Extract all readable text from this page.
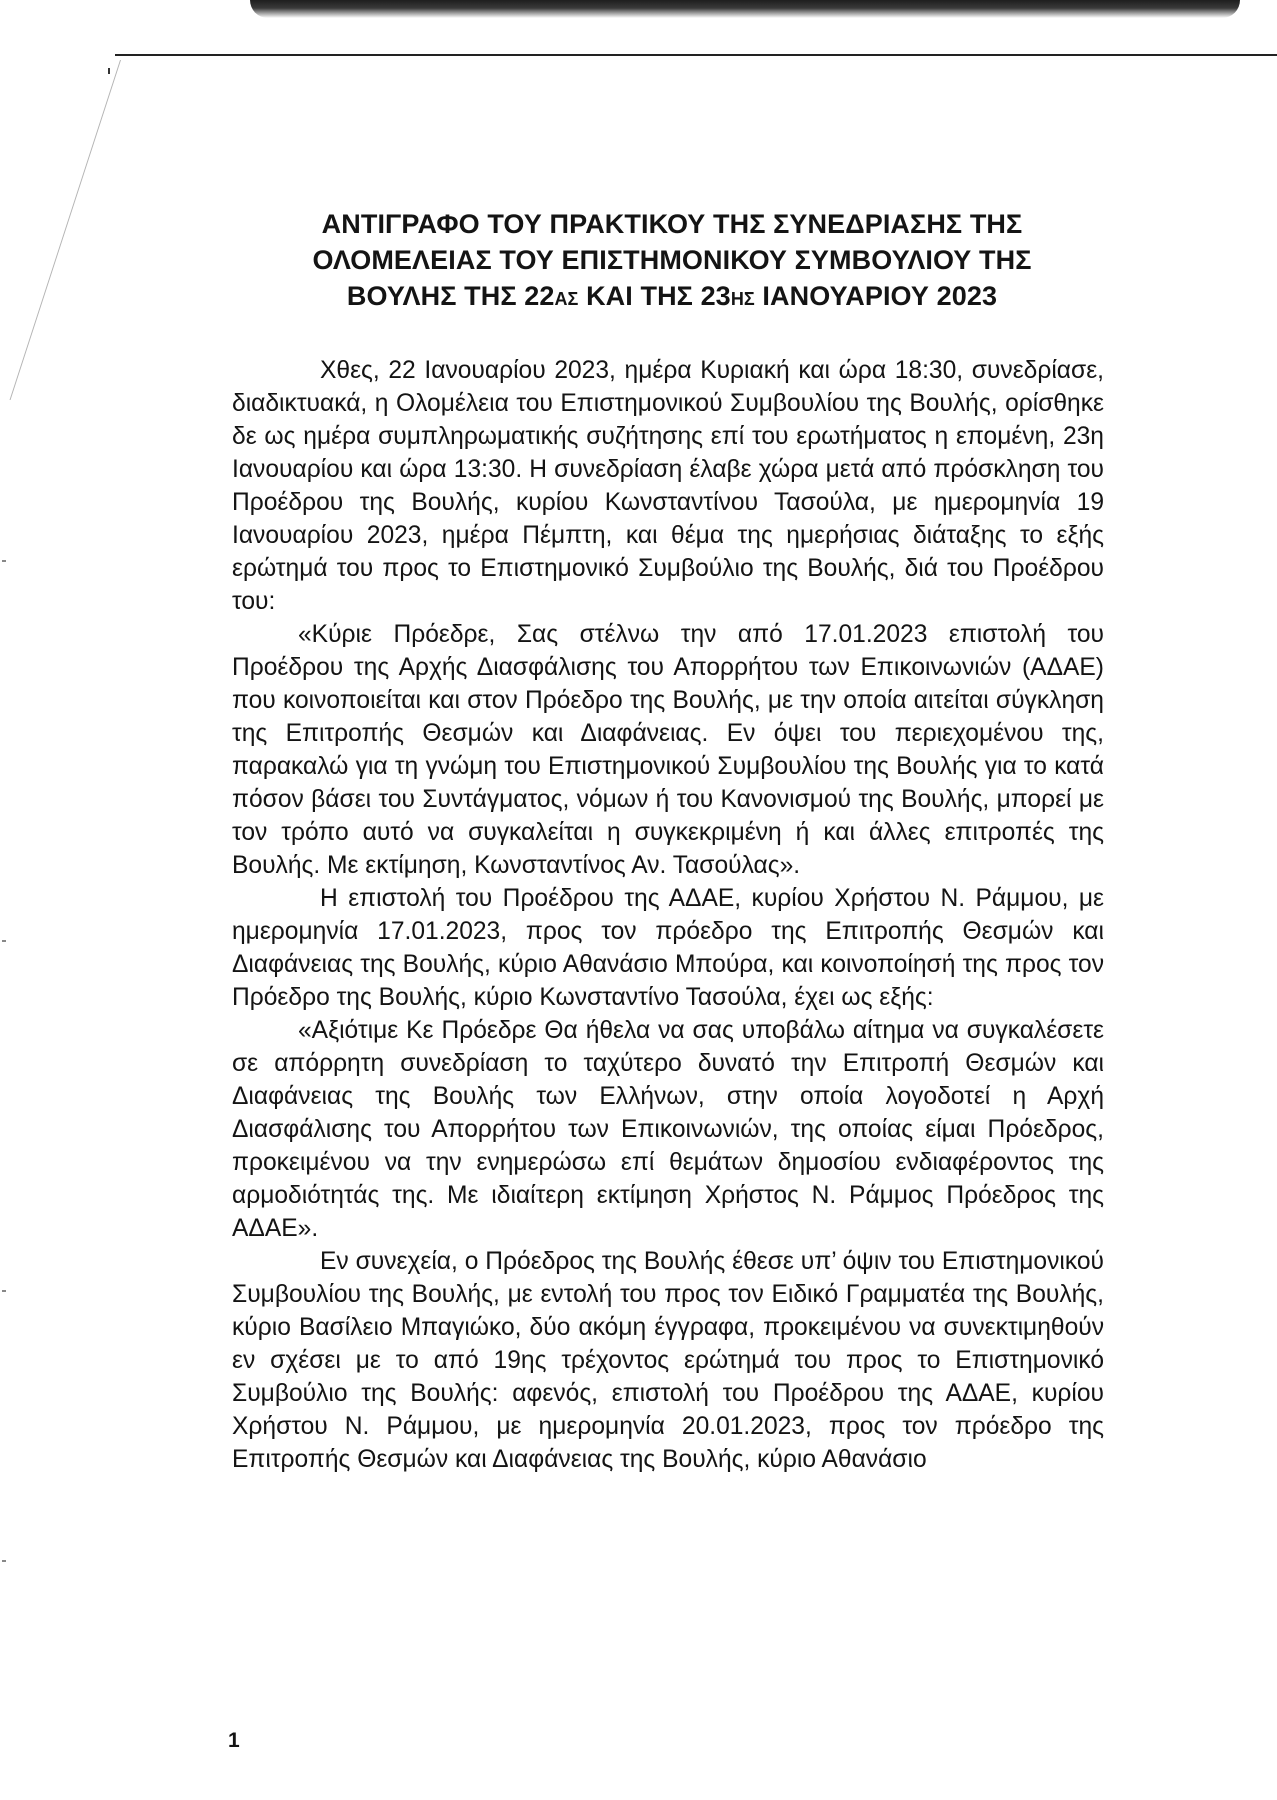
ΑΝΤΙΓΡΑΦΟ ΤΟΥ ΠΡΑΚΤΙΚΟΥ ΤΗΣ ΣΥΝΕΔΡΙΑΣΗΣ ΤΗΣ
ΟΛΟΜΕΛΕΙΑΣ ΤΟΥ ΕΠΙΣΤΗΜΟΝΙΚΟΥ ΣΥΜΒΟΥΛΙΟΥ ΤΗΣ
ΒΟΥΛΗΣ ΤΗΣ 22ΑΣ ΚΑΙ ΤΗΣ 23ΗΣ ΙΑΝΟΥΑΡΙΟΥ 2023

Χθες, 22 Ιανουαρίου 2023, ημέρα Κυριακή και ώρα 18:30, συνεδρίασε, διαδικτυακά, η Ολομέλεια του Επιστημονικού Συμβουλίου της Βουλής, ορίσθηκε δε ως ημέρα συμπληρωματικής συζήτησης επί του ερωτήματος η επομένη, 23η Ιανουαρίου και ώρα 13:30. Η συνεδρίαση έλαβε χώρα μετά από πρόσκληση του Προέδρου της Βουλής, κυρίου Κωνσταντίνου Τασούλα, με ημερομηνία 19 Ιανουαρίου 2023, ημέρα Πέμπτη, και θέμα της ημερήσιας διάταξης το εξής ερώτημά του προς το Επιστημονικό Συμβούλιο της Βουλής, διά του Προέδρου του:

«Κύριε Πρόεδρε, Σας στέλνω την από 17.01.2023 επιστολή του Προέδρου της Αρχής Διασφάλισης του Απορρήτου των Επικοινωνιών (ΑΔΑΕ) που κοινοποιείται και στον Πρόεδρο της Βουλής, με την οποία αιτείται σύγκληση της Επιτροπής Θεσμών και Διαφάνειας. Εν όψει του περιεχομένου της, παρακαλώ για τη γνώμη του Επιστημονικού Συμβουλίου της Βουλής για το κατά πόσον βάσει του Συντάγματος, νόμων ή του Κανονισμού της Βουλής, μπορεί με τον τρόπο αυτό να συγκαλείται η συγκεκριμένη ή και άλλες επιτροπές της Βουλής. Με εκτίμηση, Κωνσταντίνος Αν. Τασούλας».

Η επιστολή του Προέδρου της ΑΔΑΕ, κυρίου Χρήστου Ν. Ράμμου, με ημερομηνία 17.01.2023, προς τον πρόεδρο της Επιτροπής Θεσμών και Διαφάνειας της Βουλής, κύριο Αθανάσιο Μπούρα, και κοινοποίησή της προς τον Πρόεδρο της Βουλής, κύριο Κωνσταντίνο Τασούλα, έχει ως εξής:

«Αξιότιμε Κε Πρόεδρε Θα ήθελα να σας υποβάλω αίτημα να συγκαλέσετε σε απόρρητη συνεδρίαση το ταχύτερο δυνατό την Επιτροπή Θεσμών και Διαφάνειας της Βουλής των Ελλήνων, στην οποία λογοδοτεί η Αρχή Διασφάλισης του Απορρήτου των Επικοινωνιών, της οποίας είμαι Πρόεδρος, προκειμένου να την ενημερώσω επί θεμάτων δημοσίου ενδιαφέροντος της αρμοδιότητάς της. Με ιδιαίτερη εκτίμηση Χρήστος Ν. Ράμμος Πρόεδρος της ΑΔΑΕ».

Εν συνεχεία, ο Πρόεδρος της Βουλής έθεσε υπ’ όψιν του Επιστημονικού Συμβουλίου της Βουλής, με εντολή του προς τον Ειδικό Γραμματέα της Βουλής, κύριο Βασίλειο Μπαγιώκο, δύο ακόμη έγγραφα, προκειμένου να συνεκτιμηθούν εν σχέσει με το από 19ης τρέχοντος ερώτημά του προς το Επιστημονικό Συμβούλιο της Βουλής: αφενός, επιστολή του Προέδρου της ΑΔΑΕ, κυρίου Χρήστου Ν. Ράμμου, με ημερομηνία 20.01.2023, προς τον πρόεδρο της Επιτροπής Θεσμών και Διαφάνειας της Βουλής, κύριο Αθανάσιο

1
